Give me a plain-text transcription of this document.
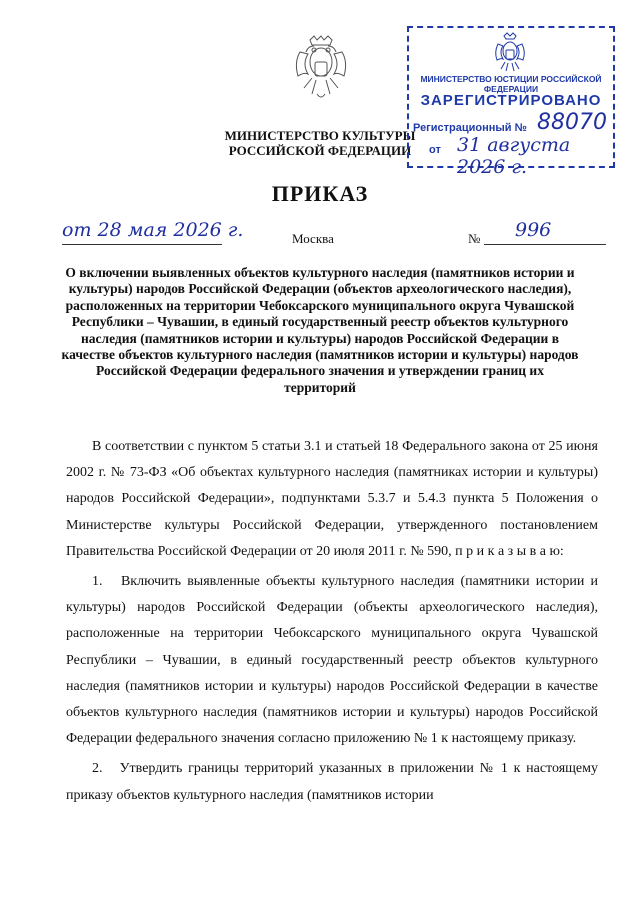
МИНИСТЕРСТВО КУЛЬТУРЫ
РОССИЙСКОЙ ФЕДЕРАЦИИ
МИНИСТЕРСТВО ЮСТИЦИИ РОССИЙСКОЙ ФЕДЕРАЦИИ
ЗАРЕГИСТРИРОВАНО
Регистрационный № 88070
от 31 августа 2026 г.
ПРИКАЗ
от 28 мая 2026 г.	Москва	№ 996
О включении выявленных объектов культурного наследия (памятников истории и культуры) народов Российской Федерации (объектов археологического наследия), расположенных на территории Чебоксарского муниципального округа Чувашской Республики – Чувашии, в единый государственный реестр объектов культурного наследия (памятников истории и культуры) народов Российской Федерации в качестве объектов культурного наследия (памятников истории и культуры) народов Российской Федерации федерального значения и утверждении границ их территорий

В соответствии с пунктом 5 статьи 3.1 и статьей 18 Федерального закона от 25 июня 2002 г. № 73-ФЗ «Об объектах культурного наследия (памятниках истории и культуры) народов Российской Федерации», подпунктами 5.3.7 и 5.4.3 пункта 5 Положения о Министерстве культуры Российской Федерации, утвержденного постановлением Правительства Российской Федерации от 20 июля 2011 г. № 590, п р и к а з ы в а ю:

1.   Включить выявленные объекты культурного наследия (памятники истории и культуры) народов Российской Федерации (объекты археологического наследия), расположенные на территории Чебоксарского муниципального округа Чувашской Республики – Чувашии, в единый государственный реестр объектов культурного наследия (памятников истории и культуры) народов Российской Федерации в качестве объектов культурного наследия (памятников истории и культуры) народов Российской Федерации федерального значения согласно приложению № 1 к настоящему приказу.

2.   Утвердить границы территорий указанных в приложении № 1 к настоящему приказу объектов культурного наследия (памятников истории
